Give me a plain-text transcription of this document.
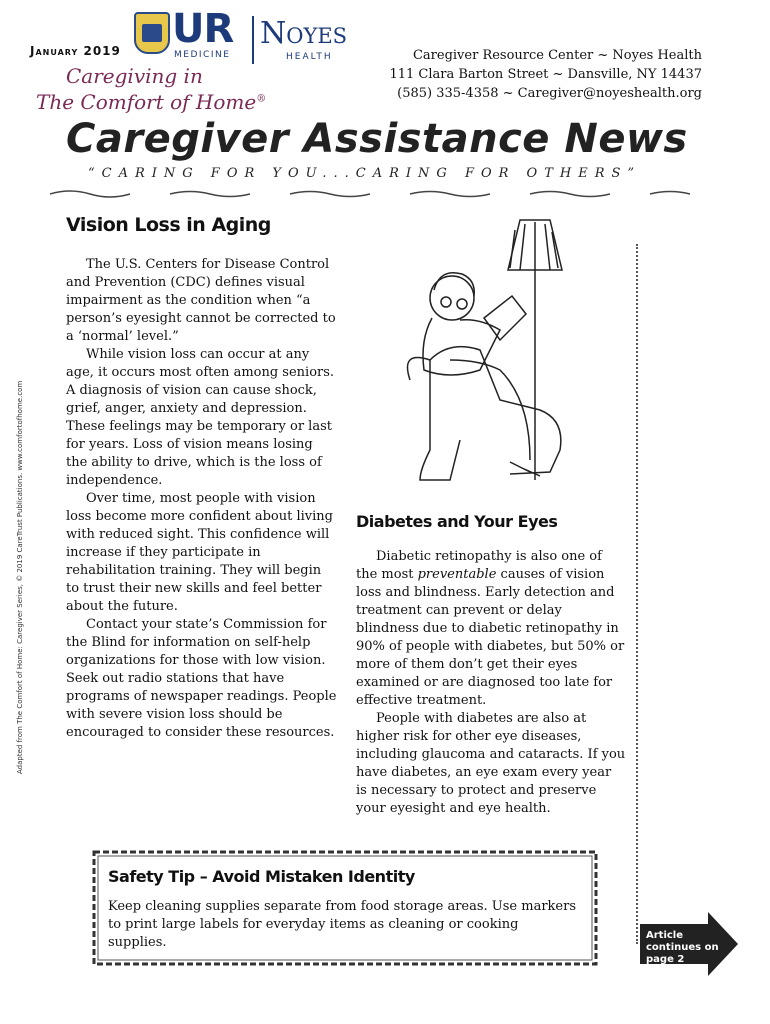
January 2019 UR
MEDICINE
Noyes
HEALTH
Caregiving in
The Comfort of Home®
Caregiver Resource Center ~ Noyes Health
111 Clara Barton Street ~ Dansville, NY 14437
(585) 335-4358 ~ Caregiver@noyeshealth.org
Caregiver Assistance News
“CARING FOR YOU...CARING FOR OTHERS”
Vision Loss in Aging

The U.S. Centers for Disease Control and Prevention (CDC) defines visual impairment as the condition when “a person’s eyesight cannot be corrected to a ‘normal’ level.”

While vision loss can occur at any age, it occurs most often among seniors. A diagnosis of vision can cause shock, grief, anger, anxiety and depression. These feelings may be temporary or last for years. Loss of vision means losing the ability to drive, which is the loss of independence.

Over time, most people with vision loss become more confident about living with reduced sight. This confidence will increase if they participate in rehabilitation training. They will begin to trust their new skills and feel better about the future.

Contact your state’s Commission for the Blind for information on self-help organizations for those with low vision. Seek out radio stations that have programs of newspaper readings. People with severe vision loss should be encouraged to consider these resources.

Diabetes and Your Eyes

Diabetic retinopathy is also one of the most preventable causes of vision loss and blindness. Early detection and treatment can prevent or delay blindness due to diabetic retinopathy in 90% of people with diabetes, but 50% or more of them don’t get their eyes examined or are diagnosed too late for effective treatment.

People with diabetes are also at higher risk for other eye diseases, including glaucoma and cataracts. If you have diabetes, an eye exam every year is necessary to protect and preserve your eyesight and eye health.

Adapted from The Comfort of Home: Caregiver Series, © 2019 CareTrust Publications. www.comfortofhome.com
Safety Tip – Avoid Mistaken Identity
Keep cleaning supplies separate from food storage areas. Use markers to print large labels for everyday items as cleaning or cooking supplies.	Article continues on page 2
